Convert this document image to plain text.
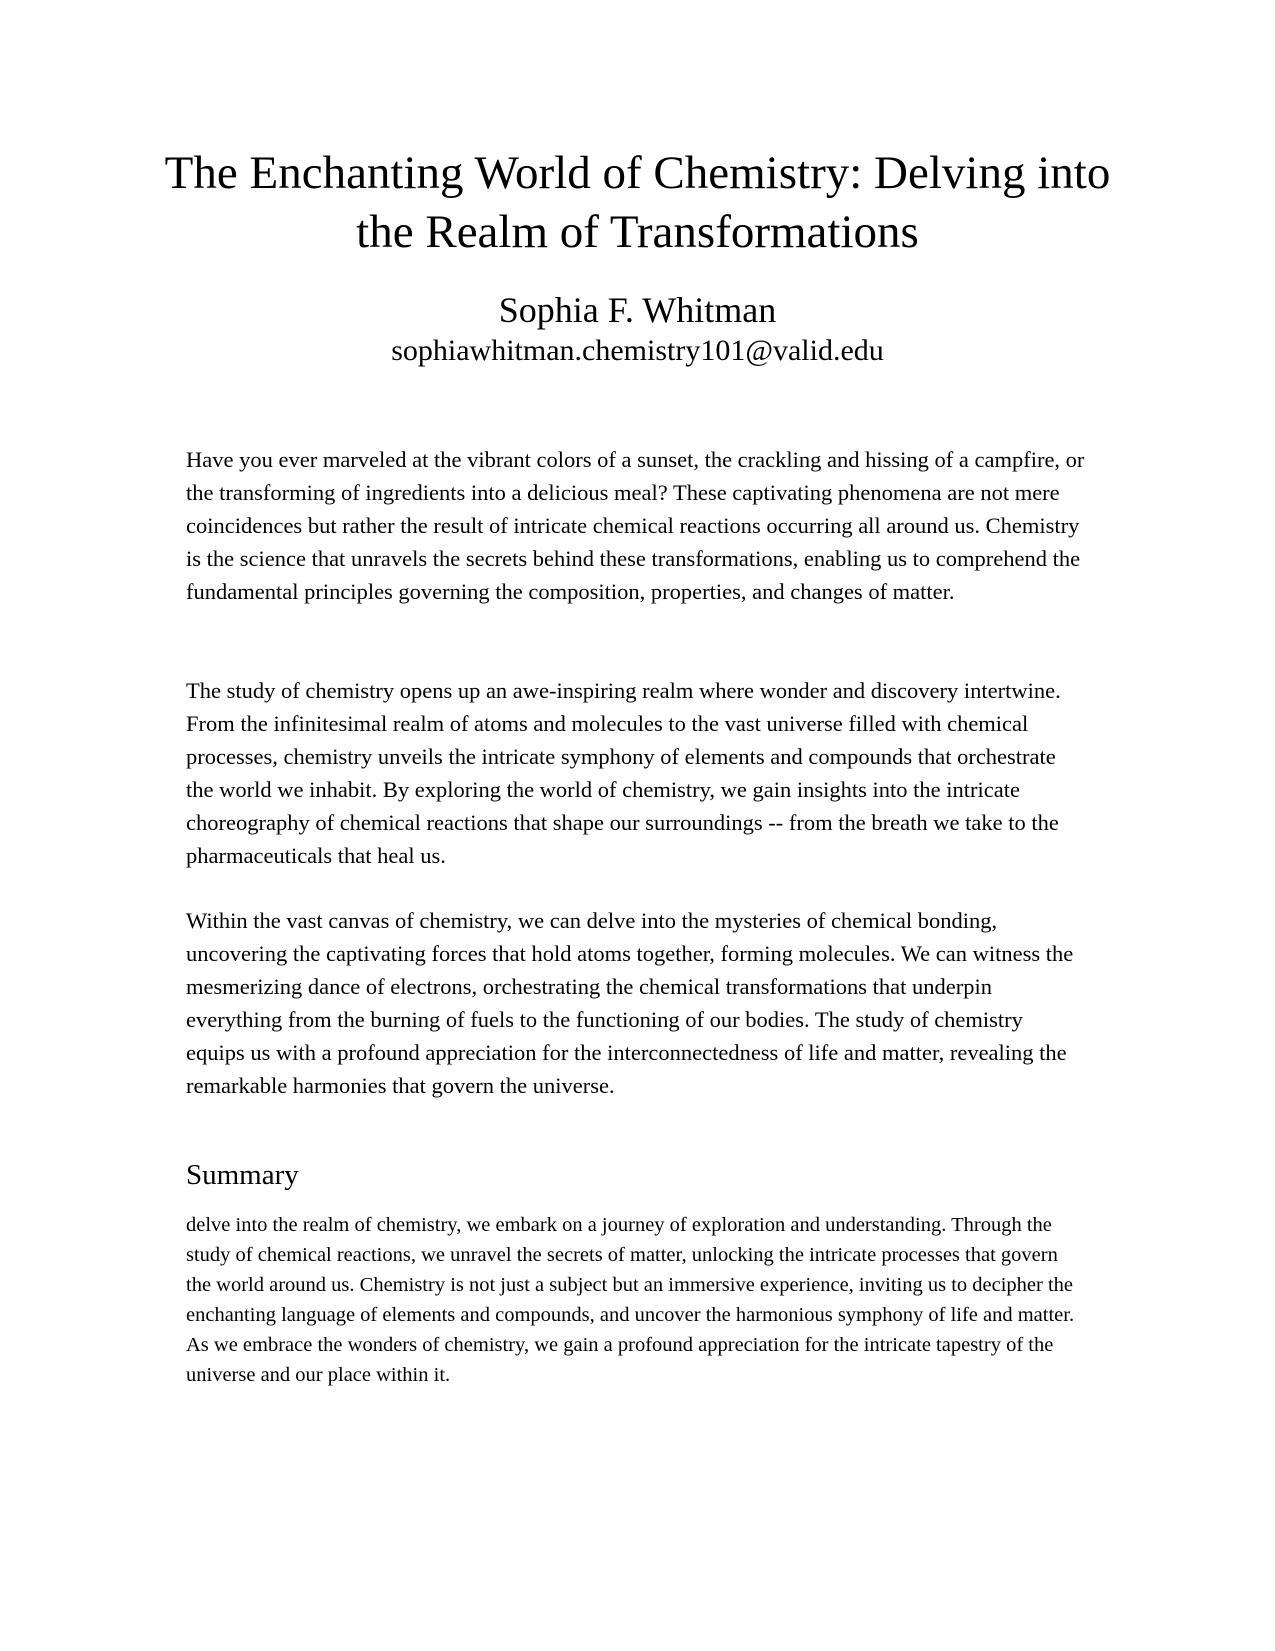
The Enchanting World of Chemistry: Delving into the Realm of Transformations
Sophia F. Whitman
sophiawhitman.chemistry101@valid.edu

Have you ever marveled at the vibrant colors of a sunset, the crackling and hissing of a campfire, or the transforming of ingredients into a delicious meal? These captivating phenomena are not mere coincidences but rather the result of intricate chemical reactions occurring all around us. Chemistry is the science that unravels the secrets behind these transformations, enabling us to comprehend the fundamental principles governing the composition, properties, and changes of matter.

The study of chemistry opens up an awe-inspiring realm where wonder and discovery intertwine. From the infinitesimal realm of atoms and molecules to the vast universe filled with chemical processes, chemistry unveils the intricate symphony of elements and compounds that orchestrate the world we inhabit. By exploring the world of chemistry, we gain insights into the intricate choreography of chemical reactions that shape our surroundings -- from the breath we take to the pharmaceuticals that heal us.

Within the vast canvas of chemistry, we can delve into the mysteries of chemical bonding, uncovering the captivating forces that hold atoms together, forming molecules. We can witness the mesmerizing dance of electrons, orchestrating the chemical transformations that underpin everything from the burning of fuels to the functioning of our bodies. The study of chemistry equips us with a profound appreciation for the interconnectedness of life and matter, revealing the remarkable harmonies that govern the universe.

Summary

delve into the realm of chemistry, we embark on a journey of exploration and understanding. Through the study of chemical reactions, we unravel the secrets of matter, unlocking the intricate processes that govern the world around us. Chemistry is not just a subject but an immersive experience, inviting us to decipher the enchanting language of elements and compounds, and uncover the harmonious symphony of life and matter. As we embrace the wonders of chemistry, we gain a profound appreciation for the intricate tapestry of the universe and our place within it.
